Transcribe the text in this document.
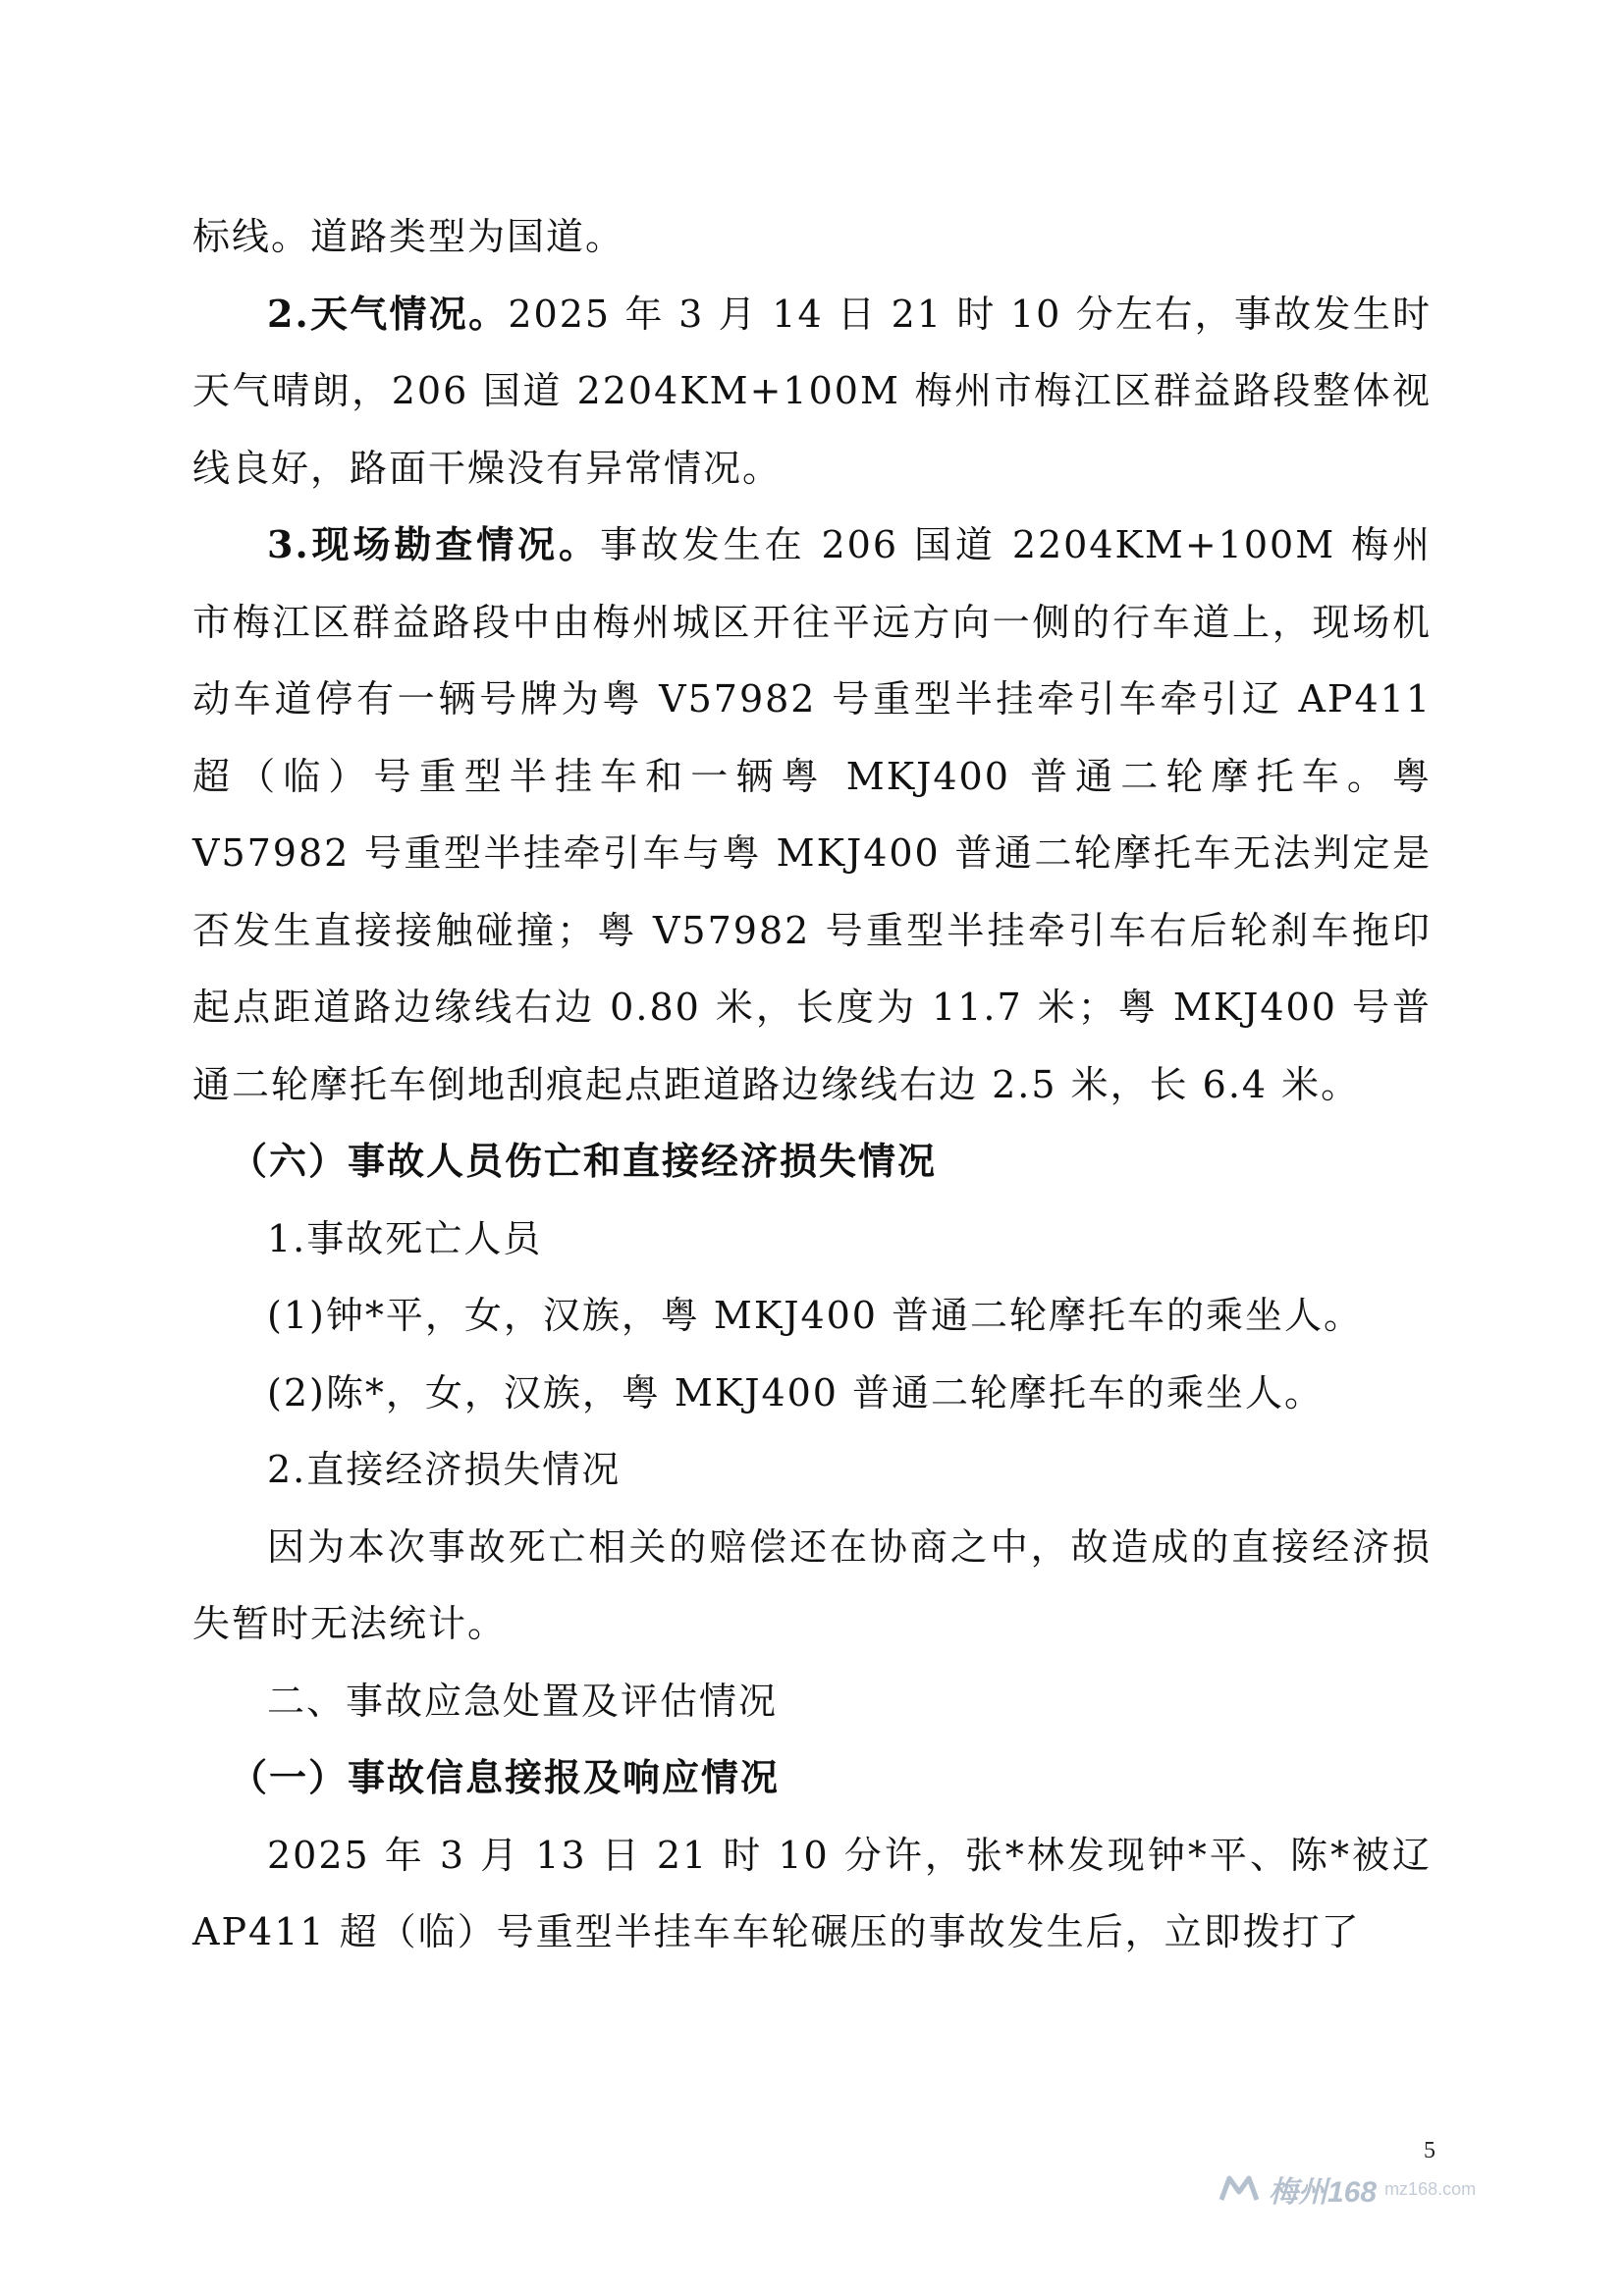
标线。道路类型为国道。

2.天气情况。2025 年 3 月 14 日 21 时 10 分左右，事故发生时天气晴朗，206 国道 2204KM+100M 梅州市梅江区群益路段整体视线良好，路面干燥没有异常情况。

3.现场勘查情况。事故发生在 206 国道 2204KM+100M 梅州市梅江区群益路段中由梅州城区开往平远方向一侧的行车道上，现场机动车道停有一辆号牌为粤 V57982 号重型半挂牵引车牵引辽 AP411 超（临）号重型半挂车和一辆粤 MKJ400 普通二轮摩托车。粤 V57982 号重型半挂牵引车与粤 MKJ400 普通二轮摩托车无法判定是否发生直接接触碰撞；粤 V57982 号重型半挂牵引车右后轮刹车拖印起点距道路边缘线右边 0.80 米，长度为 11.7 米；粤 MKJ400 号普通二轮摩托车倒地刮痕起点距道路边缘线右边 2.5 米，长 6.4 米。

（六）事故人员伤亡和直接经济损失情况

1.事故死亡人员

(1)钟*平，女，汉族，粤 MKJ400 普通二轮摩托车的乘坐人。

(2)陈*，女，汉族，粤 MKJ400 普通二轮摩托车的乘坐人。

2.直接经济损失情况

因为本次事故死亡相关的赔偿还在协商之中，故造成的直接经济损失暂时无法统计。

二、事故应急处置及评估情况

（一）事故信息接报及响应情况

2025 年 3 月 13 日 21 时 10 分许，张*林发现钟*平、陈*被辽 AP411 超（临）号重型半挂车车轮碾压的事故发生后，立即拨打了

5
梅州168 mz168.com
